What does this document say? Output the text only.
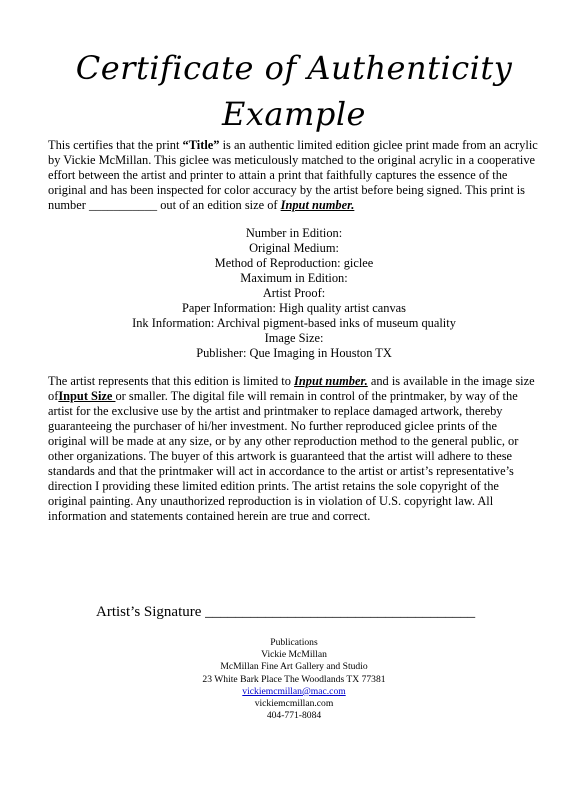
Certificate of Authenticity
Example
This certifies that the print “Title” is an authentic limited edition giclee print made from an acrylic by Vickie McMillan. This giclee was meticulously matched to the original acrylic in a cooperative effort between the artist and printer to attain a print that faithfully captures the essence of the original and has been inspected for color accuracy by the artist before being signed. This print is number ___________ out of an edition size of Input number.
Number in Edition:
Original Medium:
Method of Reproduction: giclee
Maximum in Edition:
Artist Proof:
Paper Information: High quality artist canvas
Ink Information: Archival pigment-based inks of museum quality
Image Size:
Publisher: Que Imaging in Houston TX
The artist represents that this edition is limited to Input number. and is available in the image size ofInput Size or smaller. The digital file will remain in control of the printmaker, by way of the artist for the exclusive use by the artist and printmaker to replace damaged artwork, thereby guaranteeing the purchaser of hi/her investment. No further reproduced giclee prints of the original will be made at any size, or by any other reproduction method to the general public, or other organizations. The buyer of this artwork is guaranteed that the artist will adhere to these standards and that the printmaker will act in accordance to the artist or artist’s representative’s direction I providing these limited edition prints. The artist retains the sole copyright of the original painting. Any unauthorized reproduction is in violation of U.S. copyright law. All information and statements contained herein are true and correct.
Artist’s Signature ____________________________________
Publications
Vickie McMillan
McMillan Fine Art Gallery and Studio
23 White Bark Place The Woodlands TX 77381
vickiemcmillan@mac.com
vickiemcmillan.com
404-771-8084
